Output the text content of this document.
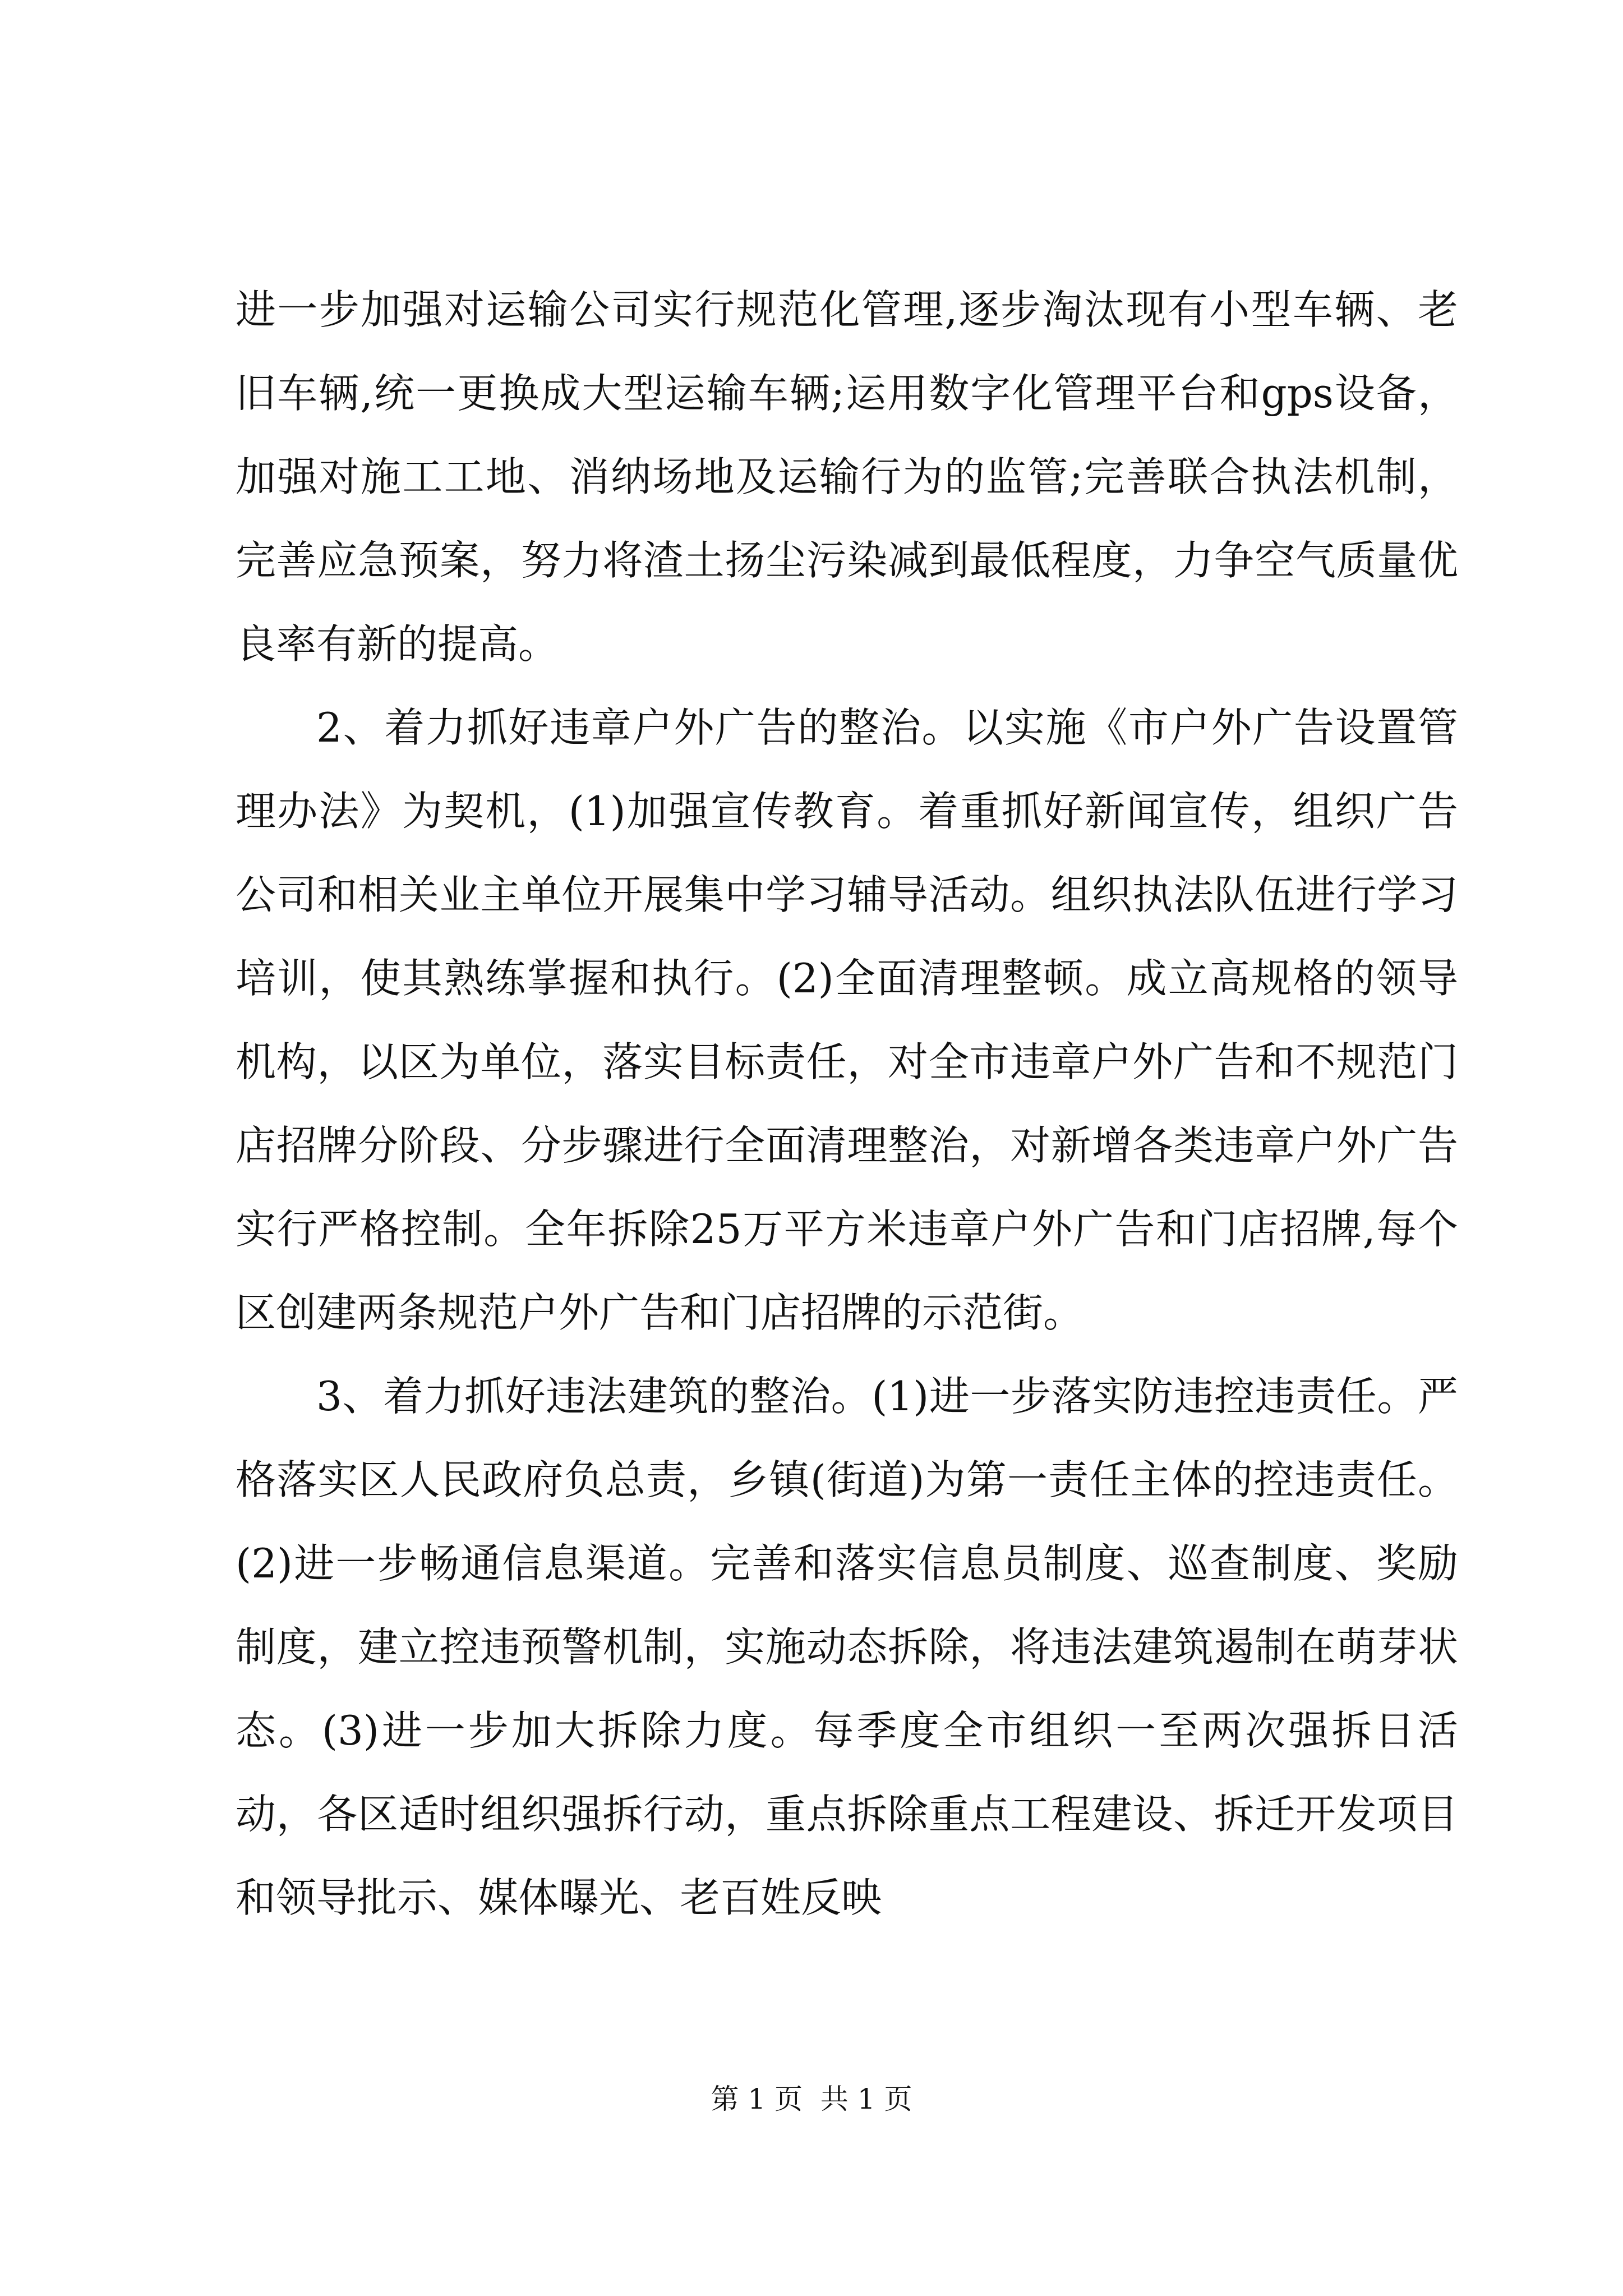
进一步加强对运输公司实行规范化管理,逐步淘汰现有小型车辆、老旧车辆,统一更换成大型运输车辆;运用数字化管理平台和gps设备，加强对施工工地、消纳场地及运输行为的监管;完善联合执法机制，完善应急预案，努力将渣土扬尘污染减到最低程度，力争空气质量优良率有新的提高。

2、着力抓好违章户外广告的整治。以实施《市户外广告设置管理办法》为契机，(1)加强宣传教育。着重抓好新闻宣传，组织广告公司和相关业主单位开展集中学习辅导活动。组织执法队伍进行学习培训，使其熟练掌握和执行。(2)全面清理整顿。成立高规格的领导机构，以区为单位，落实目标责任，对全市违章户外广告和不规范门店招牌分阶段、分步骤进行全面清理整治，对新增各类违章户外广告实行严格控制。全年拆除25万平方米违章户外广告和门店招牌,每个区创建两条规范户外广告和门店招牌的示范街。

3、着力抓好违法建筑的整治。(1)进一步落实防违控违责任。严格落实区人民政府负总责，乡镇(街道)为第一责任主体的控违责任。(2)进一步畅通信息渠道。完善和落实信息员制度、巡查制度、奖励制度，建立控违预警机制，实施动态拆除，将违法建筑遏制在萌芽状态。(3)进一步加大拆除力度。每季度全市组织一至两次强拆日活动，各区适时组织强拆行动，重点拆除重点工程建设、拆迁开发项目和领导批示、媒体曝光、老百姓反映

第 1 页  共 1 页
